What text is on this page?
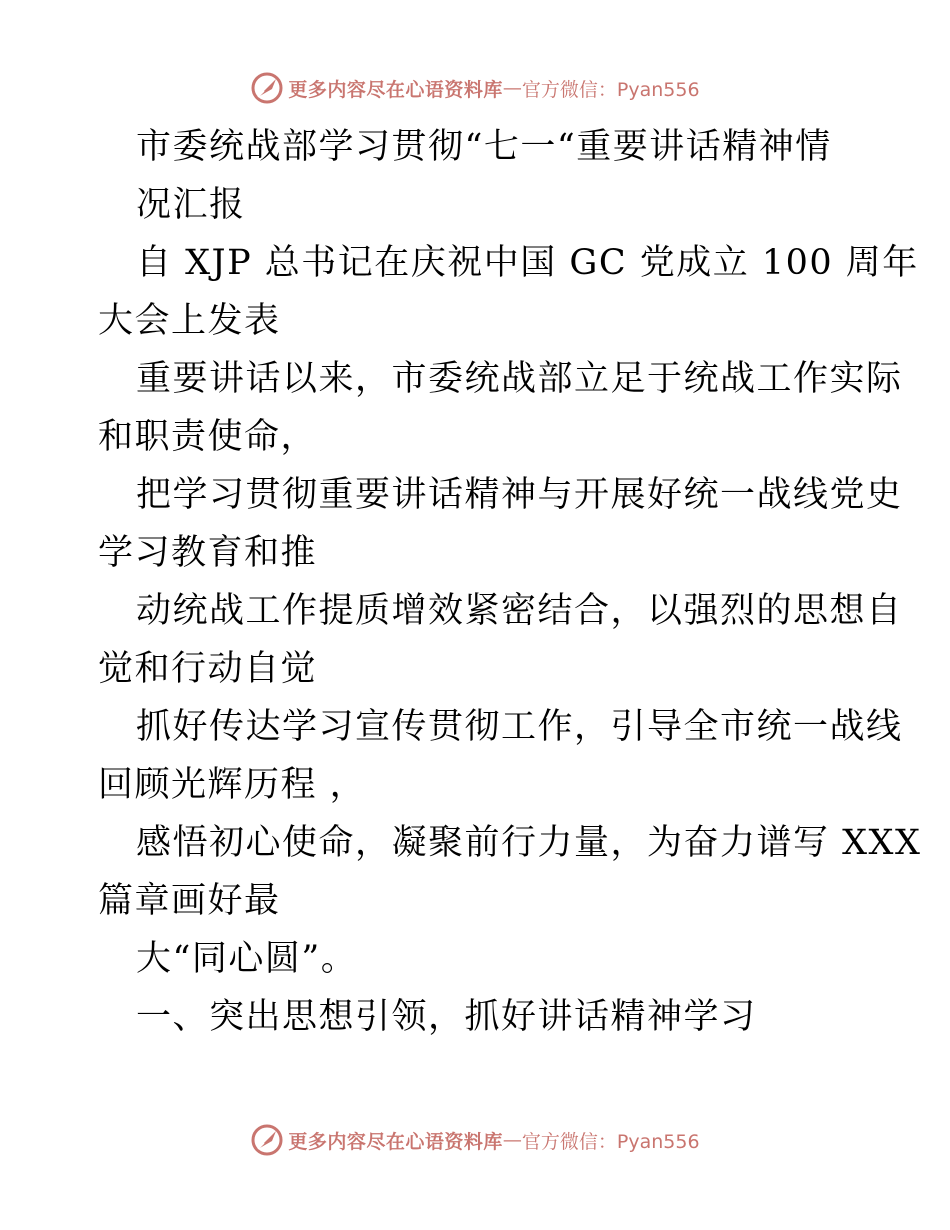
更多内容尽在心语资料库 — 官方微信：Pyan556
市委统战部学习贯彻“七一“重要讲话精神情
况汇报
自 XJP 总书记在庆祝中国 GC 党成立 100 周年
大会上发表
重要讲话以来，市委统战部立足于统战工作实际
和职责使命，
把学习贯彻重要讲话精神与开展好统一战线党史
学习教育和推
动统战工作提质增效紧密结合，以强烈的思想自
觉和行动自觉
抓好传达学习宣传贯彻工作，引导全市统一战线
回顾光辉历程 ，
感悟初心使命，凝聚前行力量，为奋力谱写 XXX
篇章画好最
大“同心圆”。
一、突出思想引领，抓好讲话精神学习
更多内容尽在心语资料库 — 官方微信：Pyan556
